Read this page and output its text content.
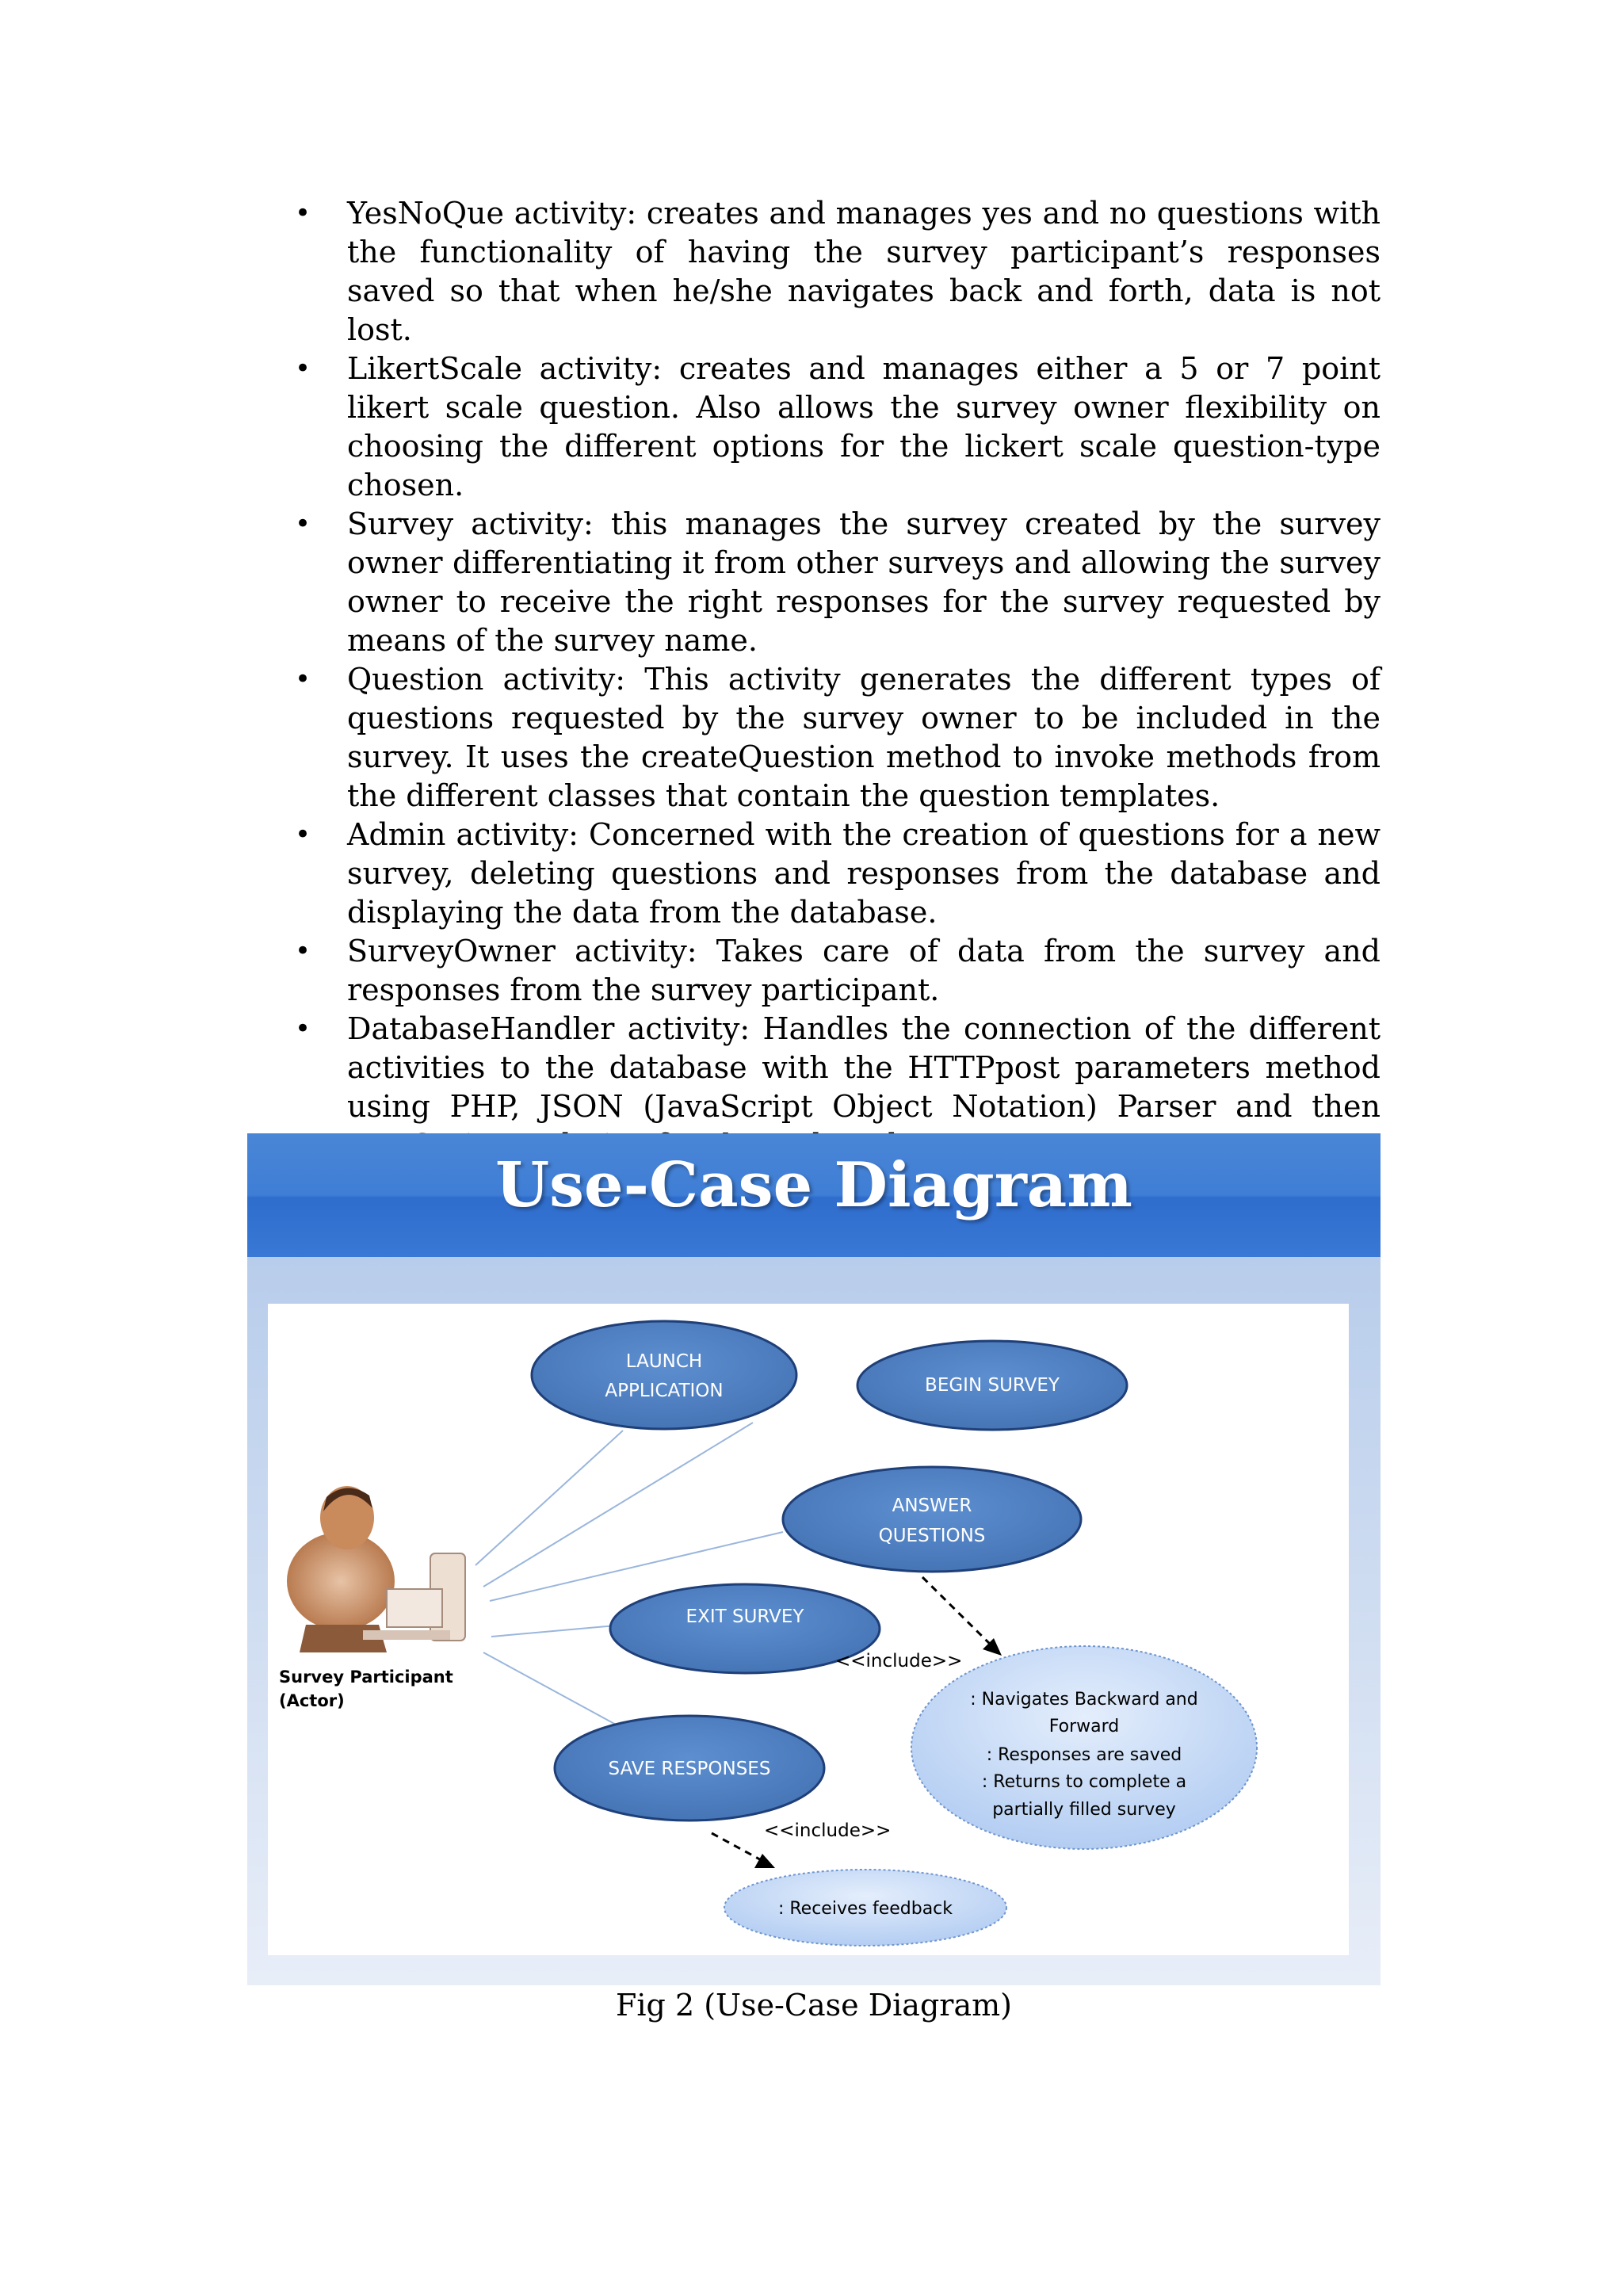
• YesNoQue activity: creates and manages yes and no questions with the functionality of having the survey participant’s responses saved so that when he/she navigates back and forth, data is not lost.
• LikertScale activity: creates and manages either a 5 or 7 point likert scale question. Also allows the survey owner flexibility on choosing the different options for the lickert scale question-type chosen.
• Survey activity: this manages the survey created by the survey owner differentiating it from other surveys and allowing the survey owner to receive the right responses for the survey requested by means of the survey name.
• Question activity: This activity generates the different types of questions requested by the survey owner to be included in the survey. It uses the createQuestion method to invoke methods from the different classes that contain the question templates.
• Admin activity: Concerned with the creation of questions for a new survey, deleting questions and responses from the database and displaying the data from the database.
• SurveyOwner activity: Takes care of data from the survey and responses from the survey participant.
• DatabaseHandler activity: Handles the connection of the different activities to the database with the HTTPpost parameters method using PHP, JSON (JavaScript Object Notation) Parser and then
Use-Case Diagram
Survey Participant
(Actor)
LAUNCH
APPLICATION	BEGIN SURVEY
ANSWER
QUESTIONS
EXIT SURVEY
SAVE RESPONSES
<<include>>
<<include>>
: Navigates Backward and
Forward
: Responses are saved
: Returns to complete a
partially filled survey
: Receives feedback
Fig 2 (Use-Case Diagram)
